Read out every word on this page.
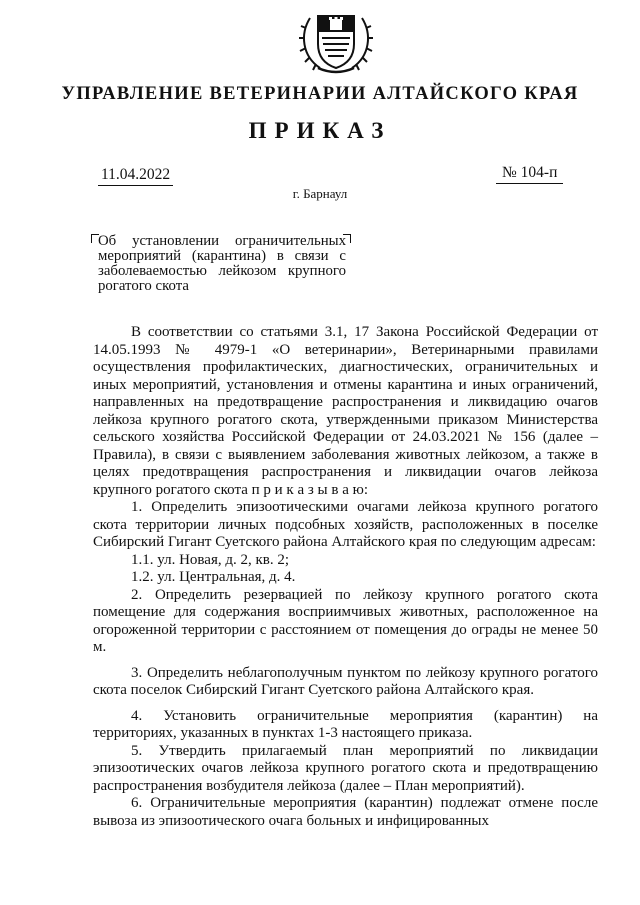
УПРАВЛЕНИЕ ВЕТЕРИНАРИИ АЛТАЙСКОГО КРАЯ
ПРИКАЗ
11.04.2022	№ 104-п
г. Барнаул
Об установлении ограничительных мероприятий (карантина) в связи с заболеваемостью лейкозом крупного рогатого скота

В соответствии со статьями 3.1, 17 Закона Российской Федерации от 14.05.1993 № 4979-1 «О ветеринарии», Ветеринарными правилами осуществления профилактических, диагностических, ограничительных и иных мероприятий, установления и отмены карантина и иных ограничений, направленных на предотвращение распространения и ликвидацию очагов лейкоза крупного рогатого скота, утвержденными приказом Министерства сельского хозяйства Российской Федерации от 24.03.2021 № 156 (далее – Правила), в связи с выявлением заболевания животных лейкозом, а также в целях предотвращения распространения и ликвидации очагов лейкоза крупного рогатого скота п р и к а з ы в а ю:

1. Определить эпизоотическими очагами лейкоза крупного рогатого скота территории личных подсобных хозяйств, расположенных в поселке Сибирский Гигант Суетского района Алтайского края по следующим адресам:

1.1. ул. Новая, д. 2, кв. 2;

1.2. ул. Центральная, д. 4.

2. Определить резервацией по лейкозу крупного рогатого скота помещение для содержания восприимчивых животных, расположенное на огороженной территории с расстоянием от помещения до ограды не менее 50 м.

3. Определить неблагополучным пунктом по лейкозу крупного рогатого скота поселок Сибирский Гигант Суетского района Алтайского края.

4. Установить ограничительные мероприятия (карантин) на территориях, указанных в пунктах 1-3 настоящего приказа.

5. Утвердить прилагаемый план мероприятий по ликвидации эпизоотических очагов лейкоза крупного рогатого скота и предотвращению распространения возбудителя лейкоза (далее – План мероприятий).

6. Ограничительные мероприятия (карантин) подлежат отмене после вывоза из эпизоотического очага больных и инфицированных
